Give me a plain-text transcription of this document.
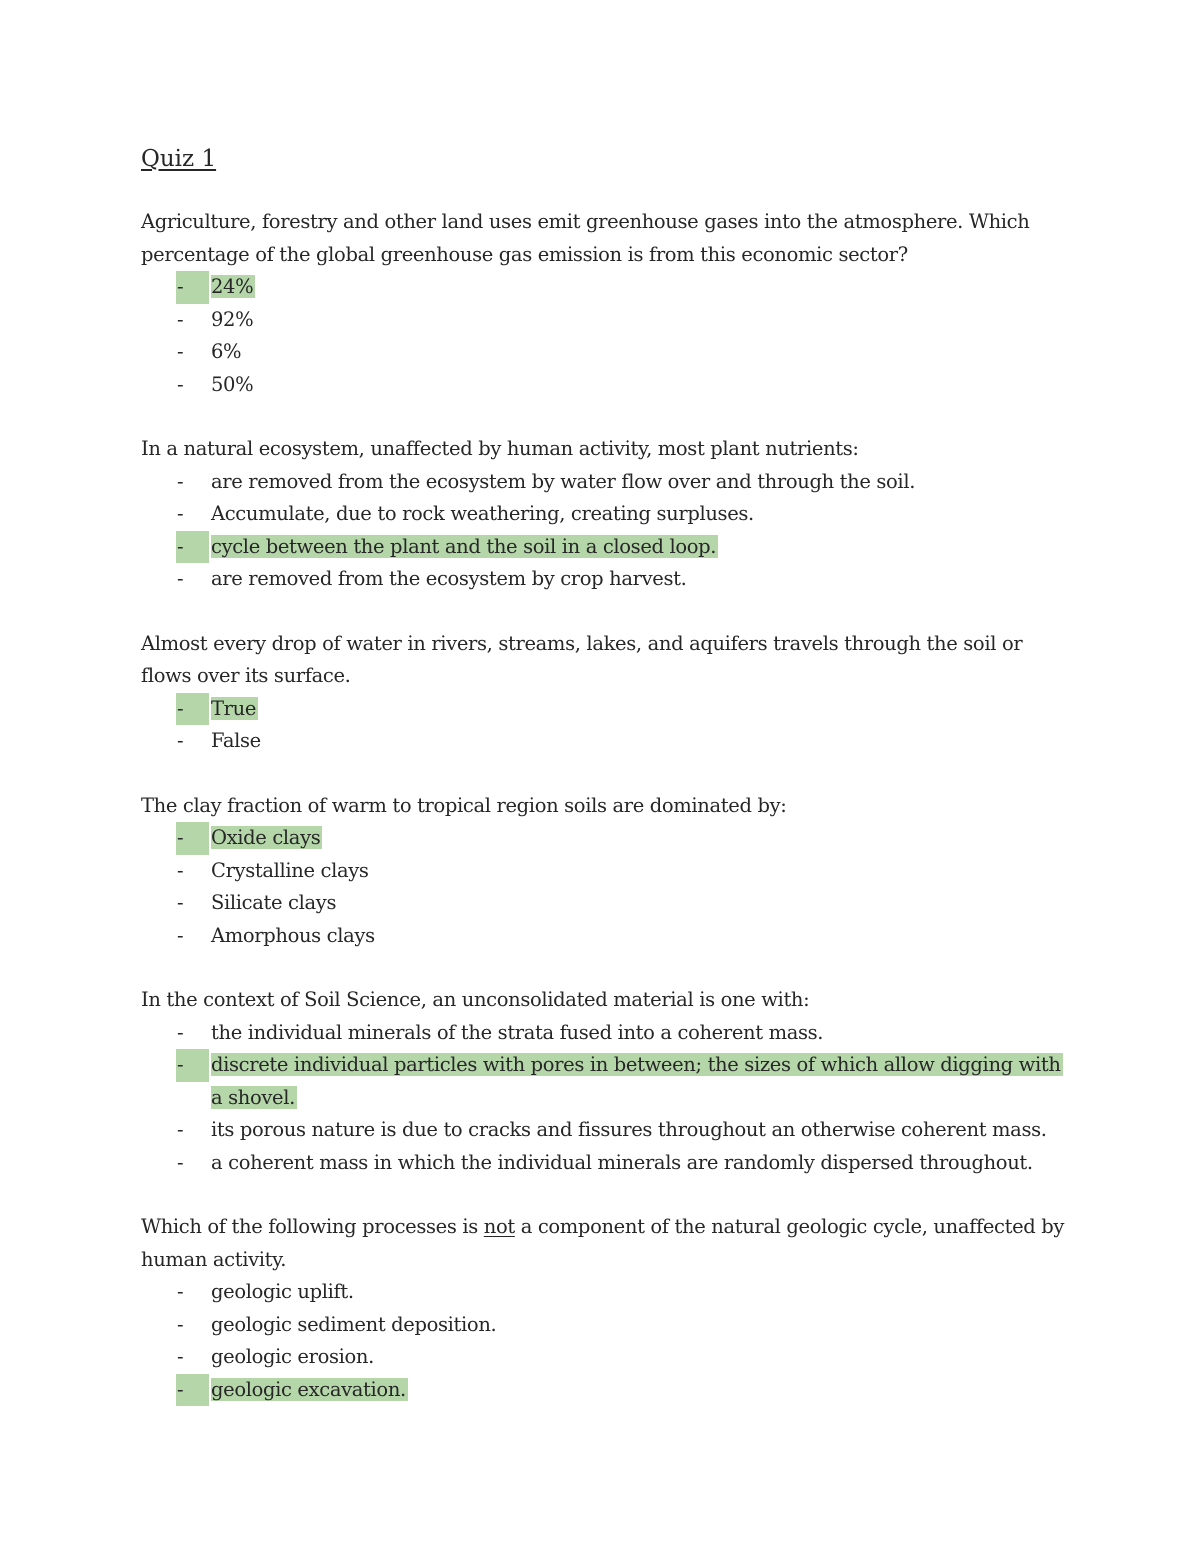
Quiz 1

Agriculture, forestry and other land uses emit greenhouse gases into the atmosphere. Which percentage of the global greenhouse gas emission is from this economic sector?

-	24%
- 92%
- 6%
- 50%

In a natural ecosystem, unaffected by human activity, most plant nutrients:

- are removed from the ecosystem by water flow over and through the soil.
- Accumulate, due to rock weathering, creating surpluses.
-	cycle between the plant and the soil in a closed loop.
- are removed from the ecosystem by crop harvest.

Almost every drop of water in rivers, streams, lakes, and aquifers travels through the soil or flows over its surface.

-	True
- False

The clay fraction of warm to tropical region soils are dominated by:

-	Oxide clays
- Crystalline clays
- Silicate clays
- Amorphous clays

In the context of Soil Science, an unconsolidated material is one with:

- the individual minerals of the strata fused into a coherent mass.
-	discrete individual particles with pores in between; the sizes of which allow digging with a shovel.
- its porous nature is due to cracks and fissures throughout an otherwise coherent mass.
- a coherent mass in which the individual minerals are randomly dispersed throughout.

Which of the following processes is not a component of the natural geologic cycle, unaffected by human activity.

- geologic uplift.
- geologic sediment deposition.
- geologic erosion.
-	geologic excavation.
